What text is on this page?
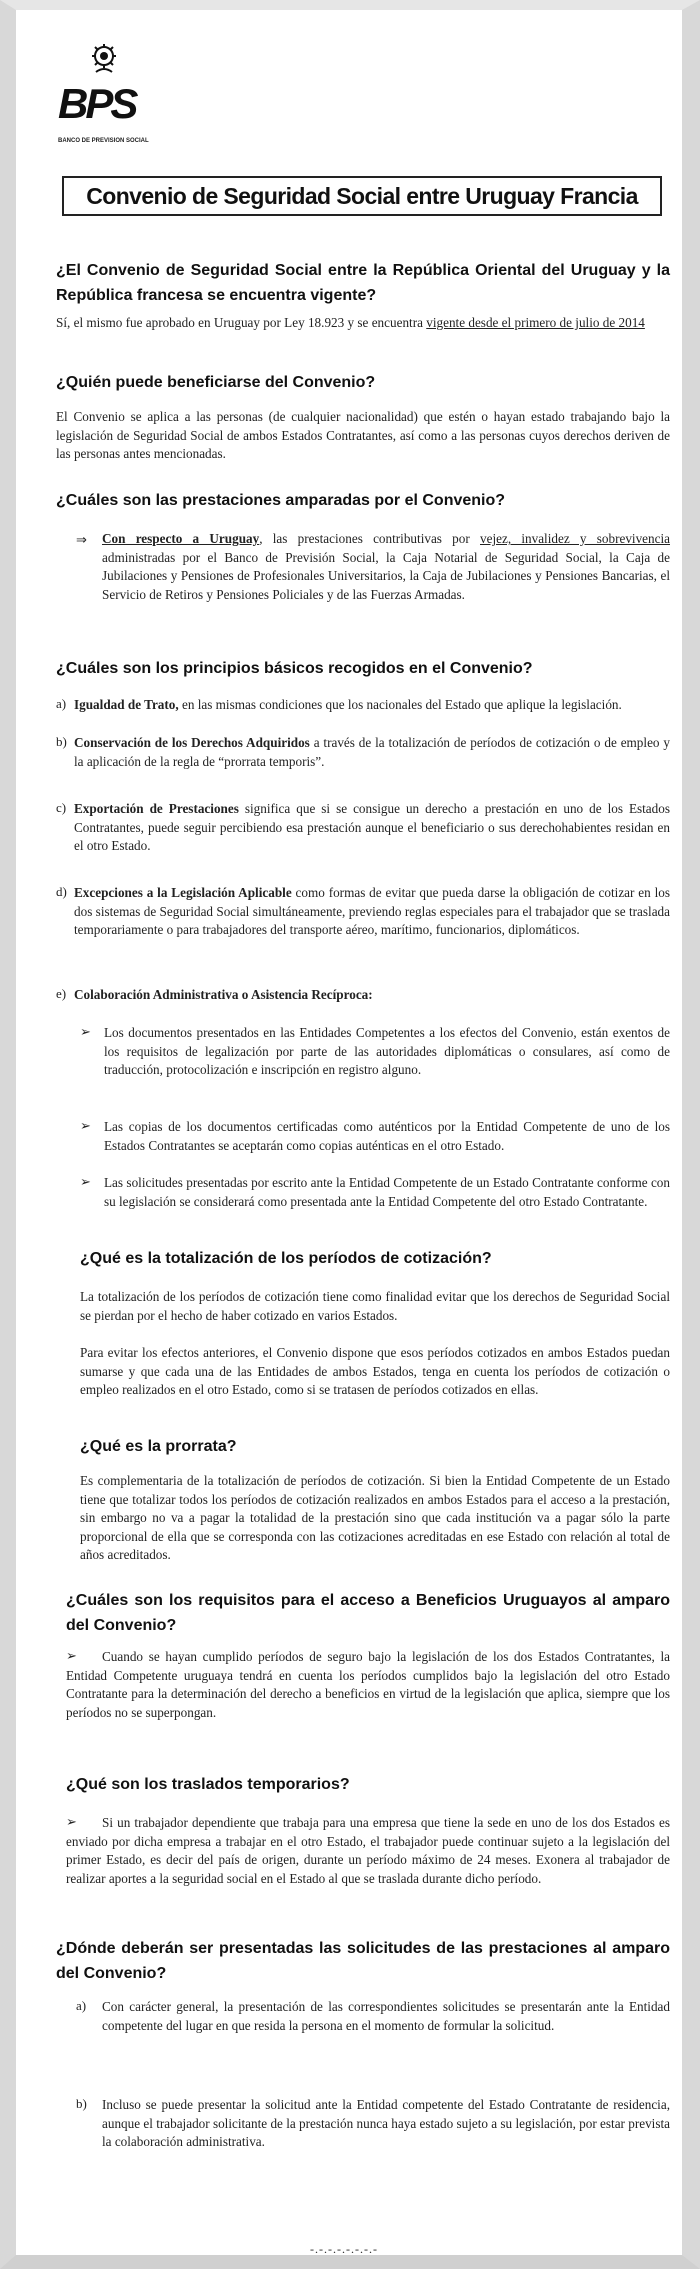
BPS
BANCO DE PREVISION SOCIAL
Convenio de Seguridad Social entre Uruguay Francia
¿El Convenio de Seguridad Social entre la República Oriental del Uruguay y la República francesa se encuentra vigente?
Sí, el mismo fue aprobado en Uruguay por Ley 18.923 y se encuentra vigente desde el primero de julio de 2014
¿Quién puede beneficiarse del Convenio?
El Convenio se aplica a las personas (de cualquier nacionalidad) que estén o hayan estado trabajando bajo la legislación de Seguridad Social de ambos Estados Contratantes, así como a las personas cuyos derechos deriven de las personas antes mencionadas.
¿Cuáles son las prestaciones amparadas por el Convenio?
⇒ Con respecto a Uruguay, las prestaciones contributivas por vejez, invalidez y sobrevivencia administradas por el Banco de Previsión Social, la Caja Notarial de Seguridad Social, la Caja de Jubilaciones y Pensiones de Profesionales Universitarios, la Caja de Jubilaciones y Pensiones Bancarias, el Servicio de Retiros y Pensiones Policiales y de las Fuerzas Armadas.
¿Cuáles son los principios básicos recogidos en el Convenio?
a) Igualdad de Trato, en las mismas condiciones que los nacionales del Estado que aplique la legislación.
b) Conservación de los Derechos Adquiridos a través de la totalización de períodos de cotización o de empleo y la aplicación de la regla de “prorrata temporis”.
c) Exportación de Prestaciones significa que si se consigue un derecho a prestación en uno de los Estados Contratantes, puede seguir percibiendo esa prestación aunque el beneficiario o sus derechohabientes residan en el otro Estado.
d) Excepciones a la Legislación Aplicable como formas de evitar que pueda darse la obligación de cotizar en los dos sistemas de Seguridad Social simultáneamente, previendo reglas especiales para el trabajador que se traslada temporariamente o para trabajadores del transporte aéreo, marítimo, funcionarios, diplomáticos.
e) Colaboración Administrativa o Asistencia Recíproca:
➢ Los documentos presentados en las Entidades Competentes a los efectos del Convenio, están exentos de los requisitos de legalización por parte de las autoridades diplomáticas o consulares, así como de traducción, protocolización e inscripción en registro alguno.
➢ Las copias de los documentos certificadas como auténticos por la Entidad Competente de uno de los Estados Contratantes se aceptarán como copias auténticas en el otro Estado.
➢ Las solicitudes presentadas por escrito ante la Entidad Competente de un Estado Contratante conforme con su legislación se considerará como presentada ante la Entidad Competente del otro Estado Contratante.
¿Qué es la totalización de los períodos de cotización?
La totalización de los períodos de cotización tiene como finalidad evitar que los derechos de Seguridad Social se pierdan por el hecho de haber cotizado en varios Estados.
Para evitar los efectos anteriores, el Convenio dispone que esos períodos cotizados en ambos Estados puedan sumarse y que cada una de las Entidades de ambos Estados, tenga en cuenta los períodos de cotización o empleo realizados en el otro Estado, como si se tratasen de períodos cotizados en ellas.
¿Qué es la prorrata?
Es complementaria de la totalización de períodos de cotización. Si bien la Entidad Competente de un Estado tiene que totalizar todos los períodos de cotización realizados en ambos Estados para el acceso a la prestación, sin embargo no va a pagar la totalidad de la prestación sino que cada institución va a pagar sólo la parte proporcional de ella que se corresponda con las cotizaciones acreditadas en ese Estado con relación al total de años acreditados.
¿Cuáles son los requisitos para el acceso a Beneficios Uruguayos al amparo del Convenio?
➢	Cuando se hayan cumplido períodos de seguro bajo la legislación de los dos Estados Contratantes, la Entidad Competente uruguaya tendrá en cuenta los períodos cumplidos bajo la legislación del otro Estado Contratante para la determinación del derecho a beneficios en virtud de la legislación que aplica, siempre que los períodos no se superpongan.
¿Qué son los traslados temporarios?
➢	Si un trabajador dependiente que trabaja para una empresa que tiene la sede en uno de los dos Estados es enviado por dicha empresa a trabajar en el otro Estado, el trabajador puede continuar sujeto a la legislación del primer Estado, es decir del país de origen, durante un período máximo de 24 meses. Exonera al trabajador de realizar aportes a la seguridad social en el Estado al que se traslada durante dicho período.
¿Dónde deberán ser presentadas las solicitudes de las prestaciones al amparo del Convenio?
a) Con carácter general, la presentación de las correspondientes solicitudes se presentarán ante la Entidad competente del lugar en que resida la persona en el momento de formular la solicitud.
b) Incluso se puede presentar la solicitud ante la Entidad competente del Estado Contratante de residencia, aunque el trabajador solicitante de la prestación nunca haya estado sujeto a su legislación, por estar prevista la colaboración administrativa.
-.-.-.-.-.-.-.-
